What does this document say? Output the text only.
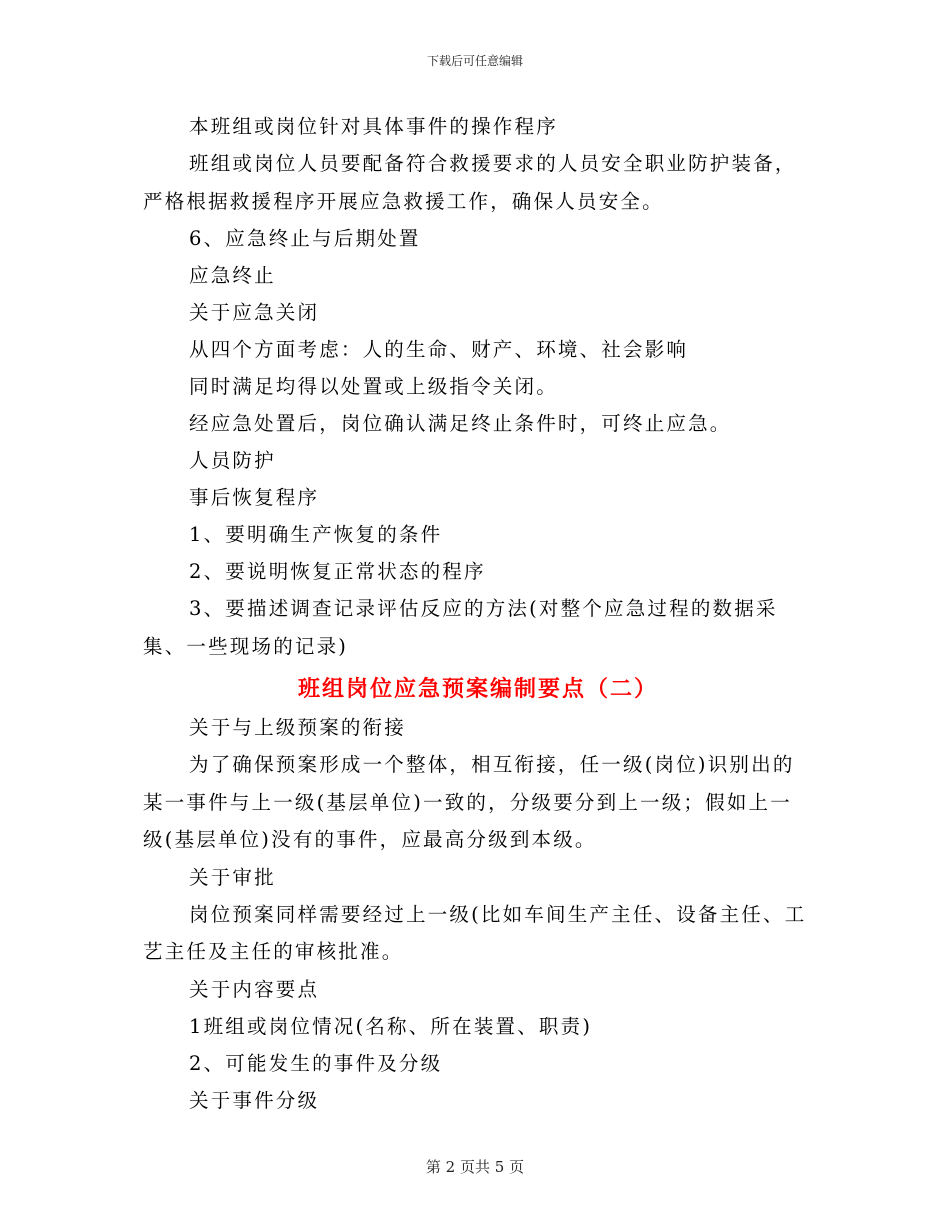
下载后可任意编辑

本班组或岗位针对具体事件的操作程序

班组或岗位人员要配备符合救援要求的人员安全职业防护装备，严格根据救援程序开展应急救援工作，确保人员安全。

6、应急终止与后期处置

应急终止

关于应急关闭

从四个方面考虑：人的生命、财产、环境、社会影响

同时满足均得以处置或上级指令关闭。

经应急处置后，岗位确认满足终止条件时，可终止应急。

人员防护

事后恢复程序

1、要明确生产恢复的条件

2、要说明恢复正常状态的程序

3、要描述调查记录评估反应的方法(对整个应急过程的数据采集、一些现场的记录)

班组岗位应急预案编制要点（二）

关于与上级预案的衔接

为了确保预案形成一个整体，相互衔接，任一级(岗位)识别出的某一事件与上一级(基层单位)一致的，分级要分到上一级；假如上一级(基层单位)没有的事件，应最高分级到本级。

关于审批

岗位预案同样需要经过上一级(比如车间生产主任、设备主任、工艺主任及主任的审核批准。

关于内容要点

1班组或岗位情况(名称、所在装置、职责)

2、可能发生的事件及分级

关于事件分级

第 2 页共 5 页
